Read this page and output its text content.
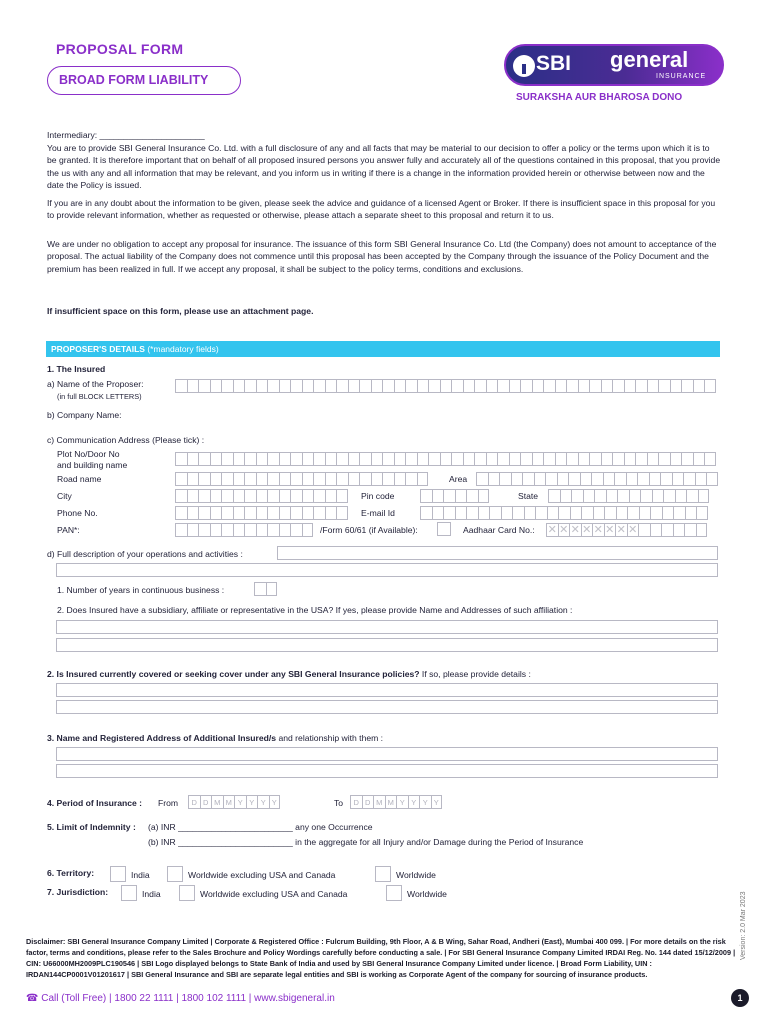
PROPOSAL FORM
BROAD FORM LIABILITY
SBI general
INSURANCE
SURAKSHA AUR BHAROSA DONO
Intermediary: ______________________
You are to provide SBI General Insurance Co. Ltd. with a full disclosure of any and all facts that may be material to our decision to offer a policy or the terms upon which it is to be granted. It is therefore important that on behalf of all proposed insured persons you answer fully and accurately all of the questions contained in this proposal, that you provide the us with any and all information that may be relevant, and you inform us in writing if there is a change in the information provided herein or otherwise between now and the date the Policy is issued.
If you are in any doubt about the information to be given, please seek the advice and guidance of a licensed Agent or Broker. If there is insufficient space in this proposal for you to provide relevant information, whether as requested or otherwise, please attach a separate sheet to this proposal and return it to us.
We are under no obligation to accept any proposal for insurance. The issuance of this form SBI General Insurance Co. Ltd (the Company) does not amount to acceptance of the proposal. The actual liability of the Company does not commence until this proposal has been accepted by the Company through the issuance of the Policy Document and the premium has been realized in full. If we accept any proposal, it shall be subject to the policy terms, conditions and exclusions.
If insufficient space on this form, please use an attachment page.
PROPOSER'S DETAILS (*mandatory fields)
1. The Insured
a) Name of the Proposer:
(in full BLOCK LETTERS)
b) Company Name:
c) Communication Address (Please tick) :
Plot No/Door No
and building name
Road name	Area
City	Pin code	State
Phone No.	E-mail Id
PAN*:	/Form 60/61 (if Available):	Aadhaar Card No.: ✕ ✕ ✕ ✕ ✕ ✕ ✕ ✕
d) Full description of your operations and activities :
1. Number of years in continuous business :
2. Does Insured have a subsidiary, affiliate or representative in the USA? If yes, please provide Name and Addresses of such affiliation :
2. Is Insured currently covered or seeking cover under any SBI General Insurance policies? If so, please provide details :
3. Name and Registered Address of Additional Insured/s and relationship with them :
4. Period of Insurance : From	D D M M Y Y Y Y	To	D D M M Y Y Y Y
5. Limit of Indemnity : (a) INR ________________________ any one Occurrence
(b) INR ________________________ in the aggregate for all Injury and/or Damage during the Period of Insurance
6. Territory:	India	Worldwide excluding USA and Canada	Worldwide
7. Jurisdiction:	India	Worldwide excluding USA and Canada	Worldwide	Version: 2.0 Mar 2023
Disclaimer: SBI General Insurance Company Limited | Corporate & Registered Office : Fulcrum Building, 9th Floor, A & B Wing, Sahar Road, Andheri (East), Mumbai 400 099. | For more details on the risk factor, terms and conditions, please refer to the Sales Brochure and Policy Wordings carefully before conducting a sale. | For SBI General Insurance Company Limited IRDAI Reg. No. 144 dated 15/12/2009 | CIN: U66000MH2009PLC190546 | SBI Logo displayed belongs to State Bank of India and used by SBI General Insurance Company Limited under licence. | Broad Form Liability, UIN : IRDAN144CP0001V01201617 | SBI General Insurance and SBI are separate legal entities and SBI is working as Corporate Agent of the company for sourcing of insurance products.
☎ Call (Toll Free) | 1800 22 1111 | 1800 102 1111 | www.sbigeneral.in	1
